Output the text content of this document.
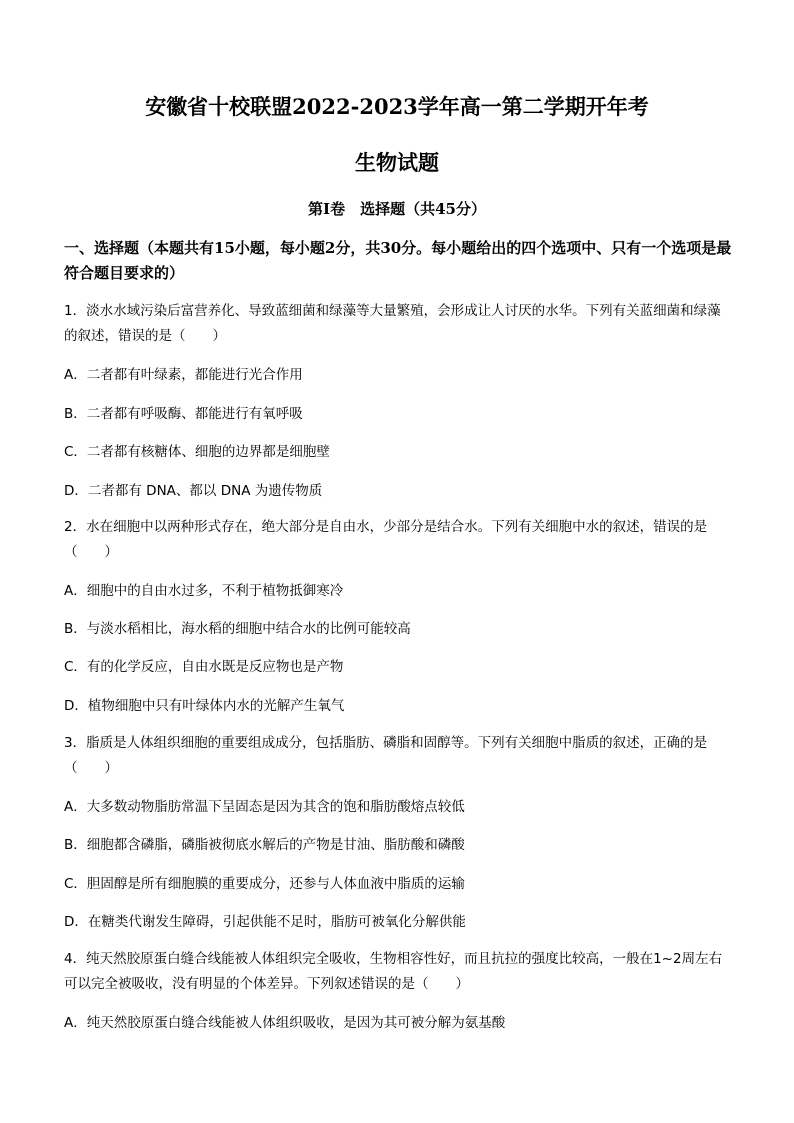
安徽省十校联盟2022-2023学年高一第二学期开年考
生物试题
第Ⅰ卷　选择题（共45分）
一、选择题（本题共有15小题，每小题2分，共30分。每小题给出的四个选项中、只有一个选项是最符合题目要求的）
1．淡水水域污染后富营养化、导致蓝细菌和绿藻等大量繁殖，会形成让人讨厌的水华。下列有关蓝细菌和绿藻的叙述，错误的是（　　）
A．二者都有叶绿素，都能进行光合作用
B．二者都有呼吸酶、都能进行有氧呼吸
C．二者都有核糖体、细胞的边界都是细胞壁
D．二者都有 DNA、都以 DNA 为遗传物质
2．水在细胞中以两种形式存在，绝大部分是自由水，少部分是结合水。下列有关细胞中水的叙述，错误的是（　　）
A．细胞中的自由水过多，不利于植物抵御寒冷
B．与淡水稻相比，海水稻的细胞中结合水的比例可能较高
C．有的化学反应，自由水既是反应物也是产物
D．植物细胞中只有叶绿体内水的光解产生氧气
3．脂质是人体组织细胞的重要组成成分，包括脂肪、磷脂和固醇等。下列有关细胞中脂质的叙述，正确的是（　　）
A．大多数动物脂肪常温下呈固态是因为其含的饱和脂肪酸熔点较低
B．细胞都含磷脂，磷脂被彻底水解后的产物是甘油、脂肪酸和磷酸
C．胆固醇是所有细胞膜的重要成分，还参与人体血液中脂质的运输
D．在糖类代谢发生障碍，引起供能不足时，脂肪可被氧化分解供能
4．纯天然胶原蛋白缝合线能被人体组织完全吸收，生物相容性好，而且抗拉的强度比较高，一般在1~2周左右可以完全被吸收，没有明显的个体差异。下列叙述错误的是（　　）
A．纯天然胶原蛋白缝合线能被人体组织吸收，是因为其可被分解为氨基酸
